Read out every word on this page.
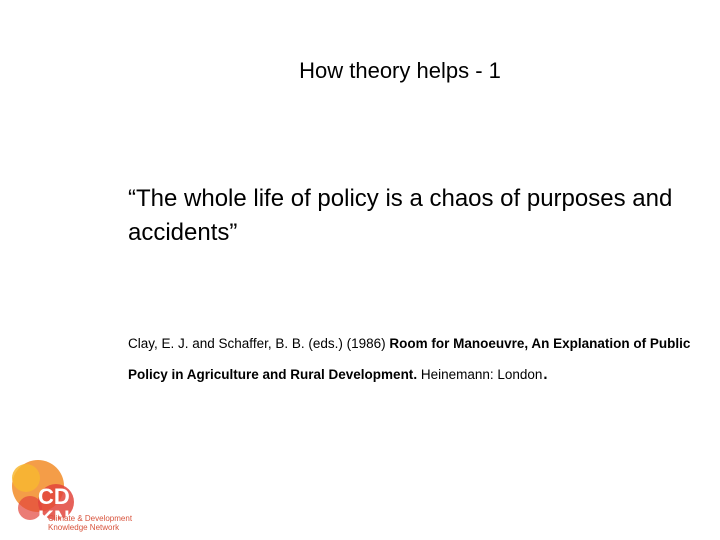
How theory helps - 1
“The whole life of policy is a chaos of purposes and accidents”
Clay, E. J. and Schaffer, B. B. (eds.) (1986) Room for Manoeuvre, An Explanation of Public Policy in Agriculture and Rural Development. Heinemann: London.
CD
KN
Climate & Development
Knowledge Network
